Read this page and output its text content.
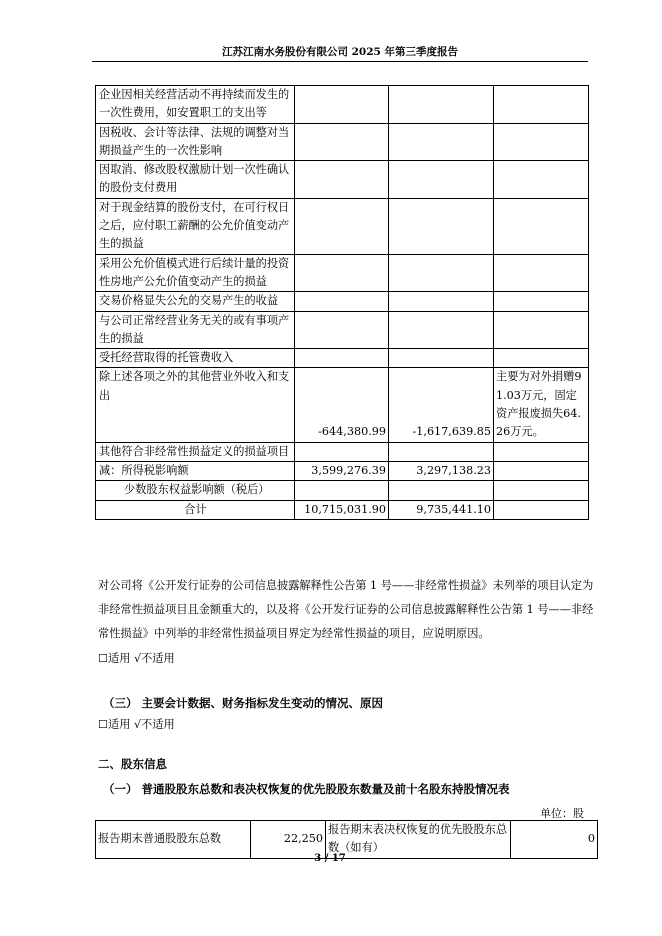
江苏江南水务股份有限公司 2025 年第三季度报告
企业因相关经营活动不再持续而发生的一次性费用，如安置职工的支出等			
因税收、会计等法律、法规的调整对当期损益产生的一次性影响			
因取消、修改股权激励计划一次性确认的股份支付费用			
对于现金结算的股份支付，在可行权日之后，应付职工薪酬的公允价值变动产生的损益			
采用公允价值模式进行后续计量的投资性房地产公允价值变动产生的损益			
交易价格显失公允的交易产生的收益			
与公司正常经营业务无关的或有事项产生的损益			
受托经营取得的托管费收入			
除上述各项之外的其他营业外收入和支出	-644,380.99	-1,617,639.85	主要为对外捐赠91.03万元，固定资产报废损失64.26万元。
其他符合非经常性损益定义的损益项目			
减：所得税影响额	3,599,276.39	3,297,138.23	
少数股东权益影响额（税后）			
合计	10,715,031.90	9,735,441.10	
对公司将《公开发行证券的公司信息披露解释性公告第 1 号——非经常性损益》未列举的项目认定为非经常性损益项目且金额重大的，以及将《公开发行证券的公司信息披露解释性公告第 1 号——非经常性损益》中列举的非经常性损益项目界定为经常性损益的项目，应说明原因。
☐适用 √不适用
（三） 主要会计数据、财务指标发生变动的情况、原因
☐适用 √不适用
二、股东信息
（一） 普通股股东总数和表决权恢复的优先股股东数量及前十名股东持股情况表
单位：股
报告期末普通股股东总数	22,250	报告期末表决权恢复的优先股股东总数（如有）	0
3 / 17
